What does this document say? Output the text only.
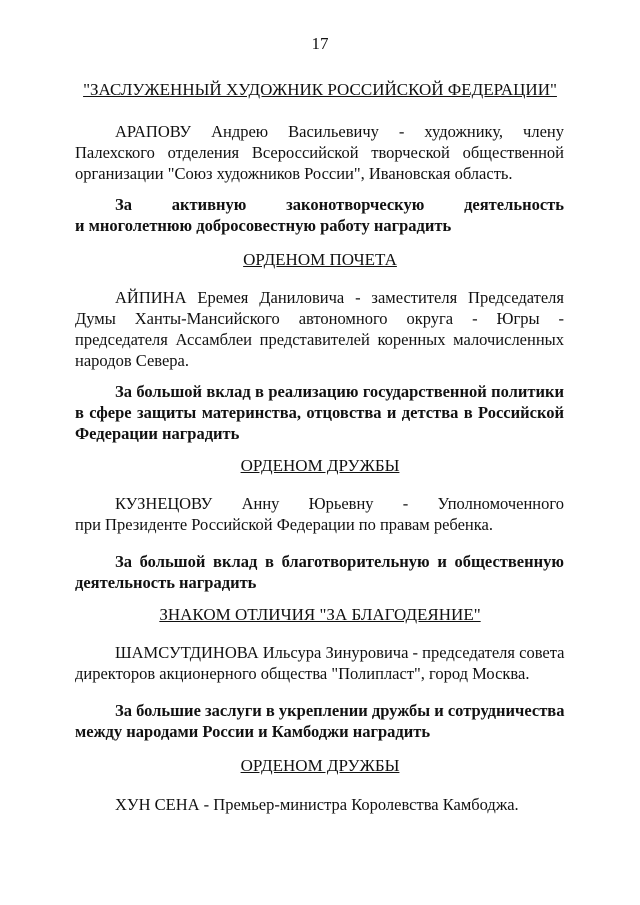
17
"ЗАСЛУЖЕННЫЙ ХУДОЖНИК РОССИЙСКОЙ ФЕДЕРАЦИИ"
АРАПОВУ Андрею Васильевичу - художнику, члену
Палехского отделения Всероссийской творческой общественной
организации "Союз художников России", Ивановская область.
За активную законотворческую деятельность
и многолетнюю добросовестную работу наградить
ОРДЕНОМ ПОЧЕТА
АЙПИНА Еремея Даниловича - заместителя Председателя
Думы Ханты-Мансийского автономного округа - Югры -
председателя Ассамблеи представителей коренных малочисленных
народов Севера.
За большой вклад в реализацию государственной политики
в сфере защиты материнства, отцовства и детства в Российской
Федерации наградить
ОРДЕНОМ ДРУЖБЫ
КУЗНЕЦОВУ Анну Юрьевну - Уполномоченного
при Президенте Российской Федерации по правам ребенка.
За большой вклад в благотворительную и общественную
деятельность наградить
ЗНАКОМ ОТЛИЧИЯ "ЗА БЛАГОДЕЯНИЕ"
ШАМСУТДИНОВА Ильсура Зинуровича - председателя совета
директоров акционерного общества "Полипласт", город Москва.
За большие заслуги в укреплении дружбы и сотрудничества
между народами России и Камбоджи наградить
ОРДЕНОМ ДРУЖБЫ
ХУН СЕНА - Премьер-министра Королевства Камбоджа.
